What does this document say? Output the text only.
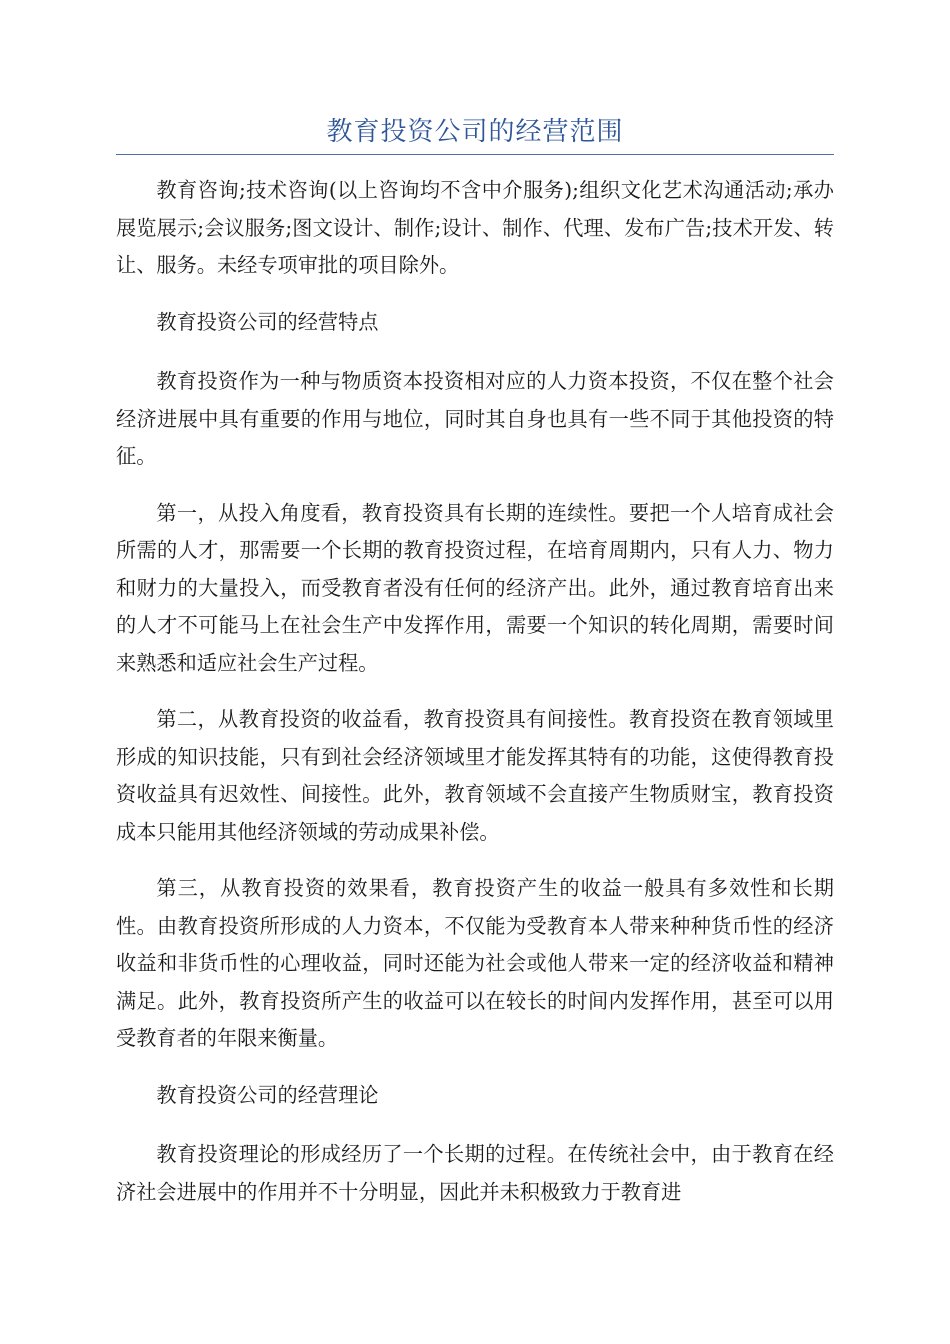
教育投资公司的经营范围

教育咨询;技术咨询(以上咨询均不含中介服务);组织文化艺术沟通活动;承办展览展示;会议服务;图文设计、制作;设计、制作、代理、发布广告;技术开发、转让、服务。未经专项审批的项目除外。

教育投资公司的经营特点

教育投资作为一种与物质资本投资相对应的人力资本投资，不仅在整个社会经济进展中具有重要的作用与地位，同时其自身也具有一些不同于其他投资的特征。

第一，从投入角度看，教育投资具有长期的连续性。要把一个人培育成社会所需的人才，那需要一个长期的教育投资过程，在培育周期内，只有人力、物力和财力的大量投入，而受教育者没有任何的经济产出。此外，通过教育培育出来的人才不可能马上在社会生产中发挥作用，需要一个知识的转化周期，需要时间来熟悉和适应社会生产过程。

第二，从教育投资的收益看，教育投资具有间接性。教育投资在教育领域里形成的知识技能，只有到社会经济领域里才能发挥其特有的功能，这使得教育投资收益具有迟效性、间接性。此外，教育领域不会直接产生物质财宝，教育投资成本只能用其他经济领域的劳动成果补偿。

第三，从教育投资的效果看，教育投资产生的收益一般具有多效性和长期性。由教育投资所形成的人力资本，不仅能为受教育本人带来种种货币性的经济收益和非货币性的心理收益，同时还能为社会或他人带来一定的经济收益和精神满足。此外，教育投资所产生的收益可以在较长的时间内发挥作用，甚至可以用受教育者的年限来衡量。

教育投资公司的经营理论

教育投资理论的形成经历了一个长期的过程。在传统社会中，由于教育在经济社会进展中的作用并不十分明显，因此并未积极致力于教育进
